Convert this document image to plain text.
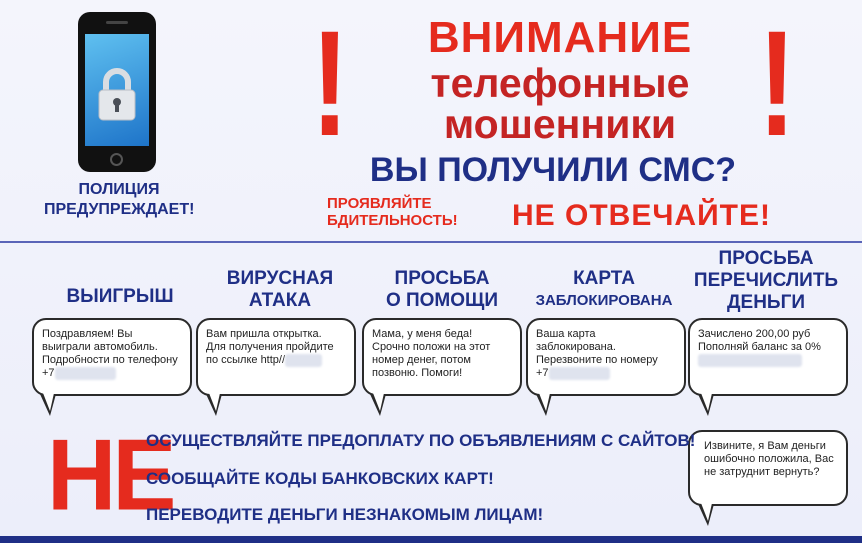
ПОЛИЦИЯ ПРЕДУПРЕЖДАЕТ!
!	!
ВНИМАНИЕ
телефонные
мошенники
ВЫ ПОЛУЧИЛИ СМС?
ПРОЯВЛЯЙТЕ БДИТЕЛЬНОСТЬ!	НЕ ОТВЕЧАЙТЕ!
ВЫИГРЫШ
Поздравляем! Вы
выиграли автомобиль.
Подробности по телефону
+70000000000
ВИРУСНАЯ
АТАКА
Вам пришла открытка.
Для получения пройдите
по ссылке http//000000
ПРОСЬБА
О ПОМОЩИ
Мама, у меня беда!
Срочно положи на этот
номер денег, потом
позвоню. Помоги!
КАРТА
ЗАБЛОКИРОВАНА
Ваша карта
заблокирована.
Перезвоните по номеру
+70000000000
ПРОСЬБА
ПЕРЕЧИСЛИТЬ
ДЕНЬГИ
Зачислено 200,00 руб
Пополняй баланс за 0%
00000000000000000
Извините, я Вам деньги
ошибочно положила, Вас
не затруднит вернуть?
НЕ
ОСУЩЕСТВЛЯЙТЕ ПРЕДОПЛАТУ ПО ОБЪЯВЛЕНИЯМ С САЙТОВ!
СООБЩАЙТЕ КОДЫ БАНКОВСКИХ КАРТ!
ПЕРЕВОДИТЕ ДЕНЬГИ НЕЗНАКОМЫМ ЛИЦАМ!
